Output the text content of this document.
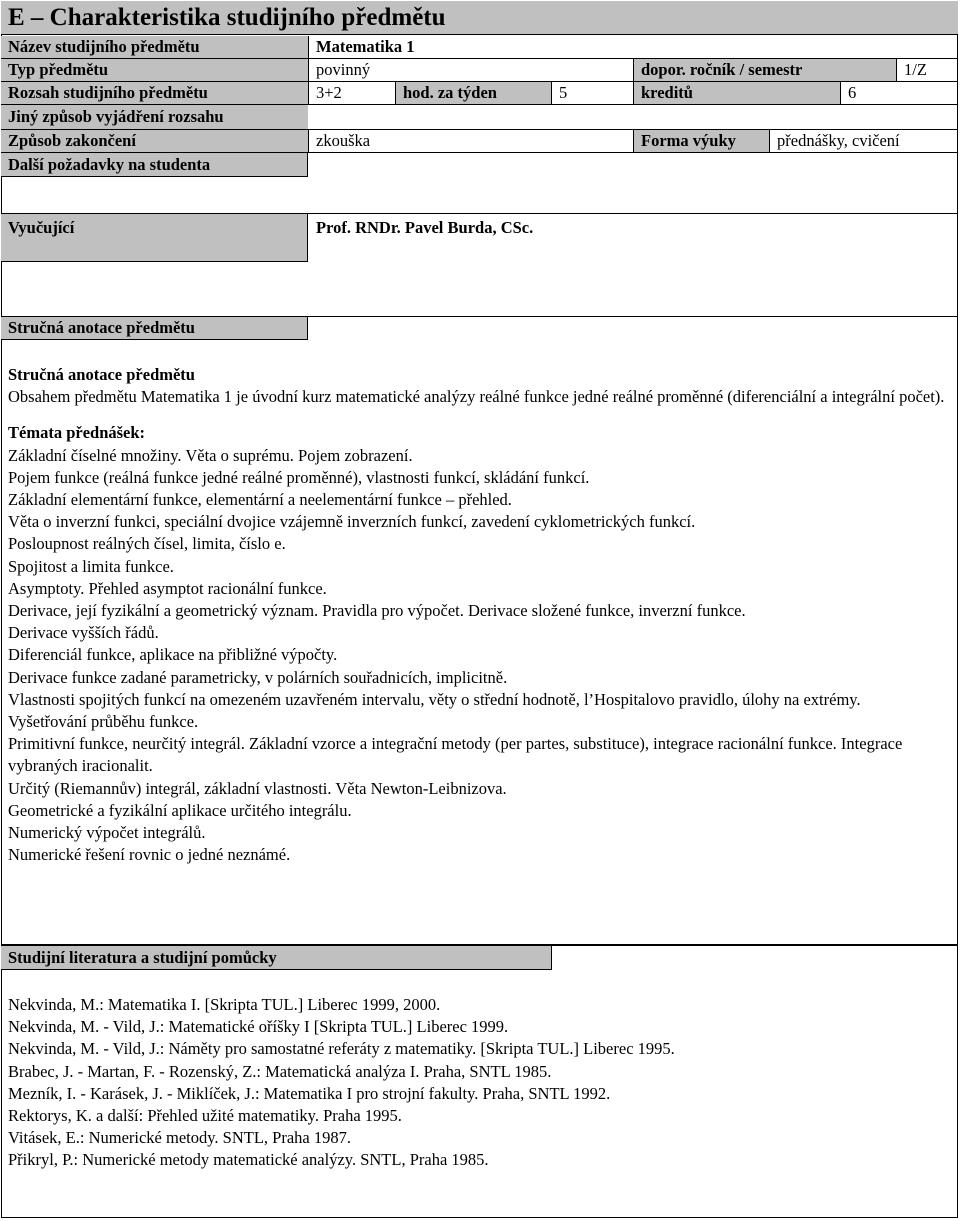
E – Charakteristika studijního předmětu
Název studijního předmětu	Matematika 1
Typ předmětu	povinný	dopor. ročník / semestr	1/Z
Rozsah studijního předmětu	3+2	hod. za týden	5	kreditů	6
Jiný způsob vyjádření rozsahu
Způsob zakončení	zkouška	Forma výuky	přednášky, cvičení
Další požadavky na studenta
Vyučující	Prof. RNDr. Pavel Burda, CSc.
Stručná anotace předmětu

Stručná anotace předmětu

Obsahem předmětu Matematika 1 je úvodní kurz matematické analýzy reálné funkce jedné reálné proměnné (diferenciální a integrální počet).

Témata přednášek:

Základní číselné množiny. Věta o suprému. Pojem zobrazení.

Pojem funkce (reálná funkce jedné reálné proměnné), vlastnosti funkcí, skládání funkcí.

Základní elementární funkce, elementární a neelementární funkce – přehled.

Věta o inverzní funkci, speciální dvojice vzájemně inverzních funkcí, zavedení cyklometrických funkcí.

Posloupnost reálných čísel, limita, číslo e.

Spojitost a limita funkce.

Asymptoty. Přehled asymptot racionální funkce.

Derivace, její fyzikální a geometrický význam. Pravidla pro výpočet. Derivace složené funkce, inverzní funkce.

Derivace vyšších řádů.

Diferenciál funkce, aplikace na přibližné výpočty.

Derivace funkce zadané parametricky, v polárních souřadnicích, implicitně.

Vlastnosti spojitých funkcí na omezeném uzavřeném intervalu, věty o střední hodnotě, l’Hospitalovo pravidlo, úlohy na extrémy.

Vyšetřování průběhu funkce.

Primitivní funkce, neurčitý integrál. Základní vzorce a integrační metody (per partes, substituce), integrace racionální funkce. Integrace vybraných iracionalit.

Určitý (Riemannův) integrál, základní vlastnosti. Věta Newton-Leibnizova.

Geometrické a fyzikální aplikace určitého integrálu.

Numerický výpočet integrálů.

Numerické řešení rovnic o jedné neznámé.

Studijní literatura a studijní pomůcky

Nekvinda, M.: Matematika I. [Skripta TUL.] Liberec 1999, 2000.

Nekvinda, M. - Vild, J.: Matematické oříšky I [Skripta TUL.] Liberec 1999.

Nekvinda, M. - Vild, J.: Náměty pro samostatné referáty z matematiky. [Skripta TUL.] Liberec 1995.

Brabec, J. - Martan, F. - Rozenský, Z.: Matematická analýza I. Praha, SNTL 1985.

Mezník, I. - Karásek, J. - Miklíček, J.: Matematika I pro strojní fakulty. Praha, SNTL 1992.

Rektorys, K. a další: Přehled užité matematiky. Praha 1995.

Vitásek, E.: Numerické metody. SNTL, Praha 1987.

Přikryl, P.: Numerické metody matematické analýzy. SNTL, Praha 1985.
